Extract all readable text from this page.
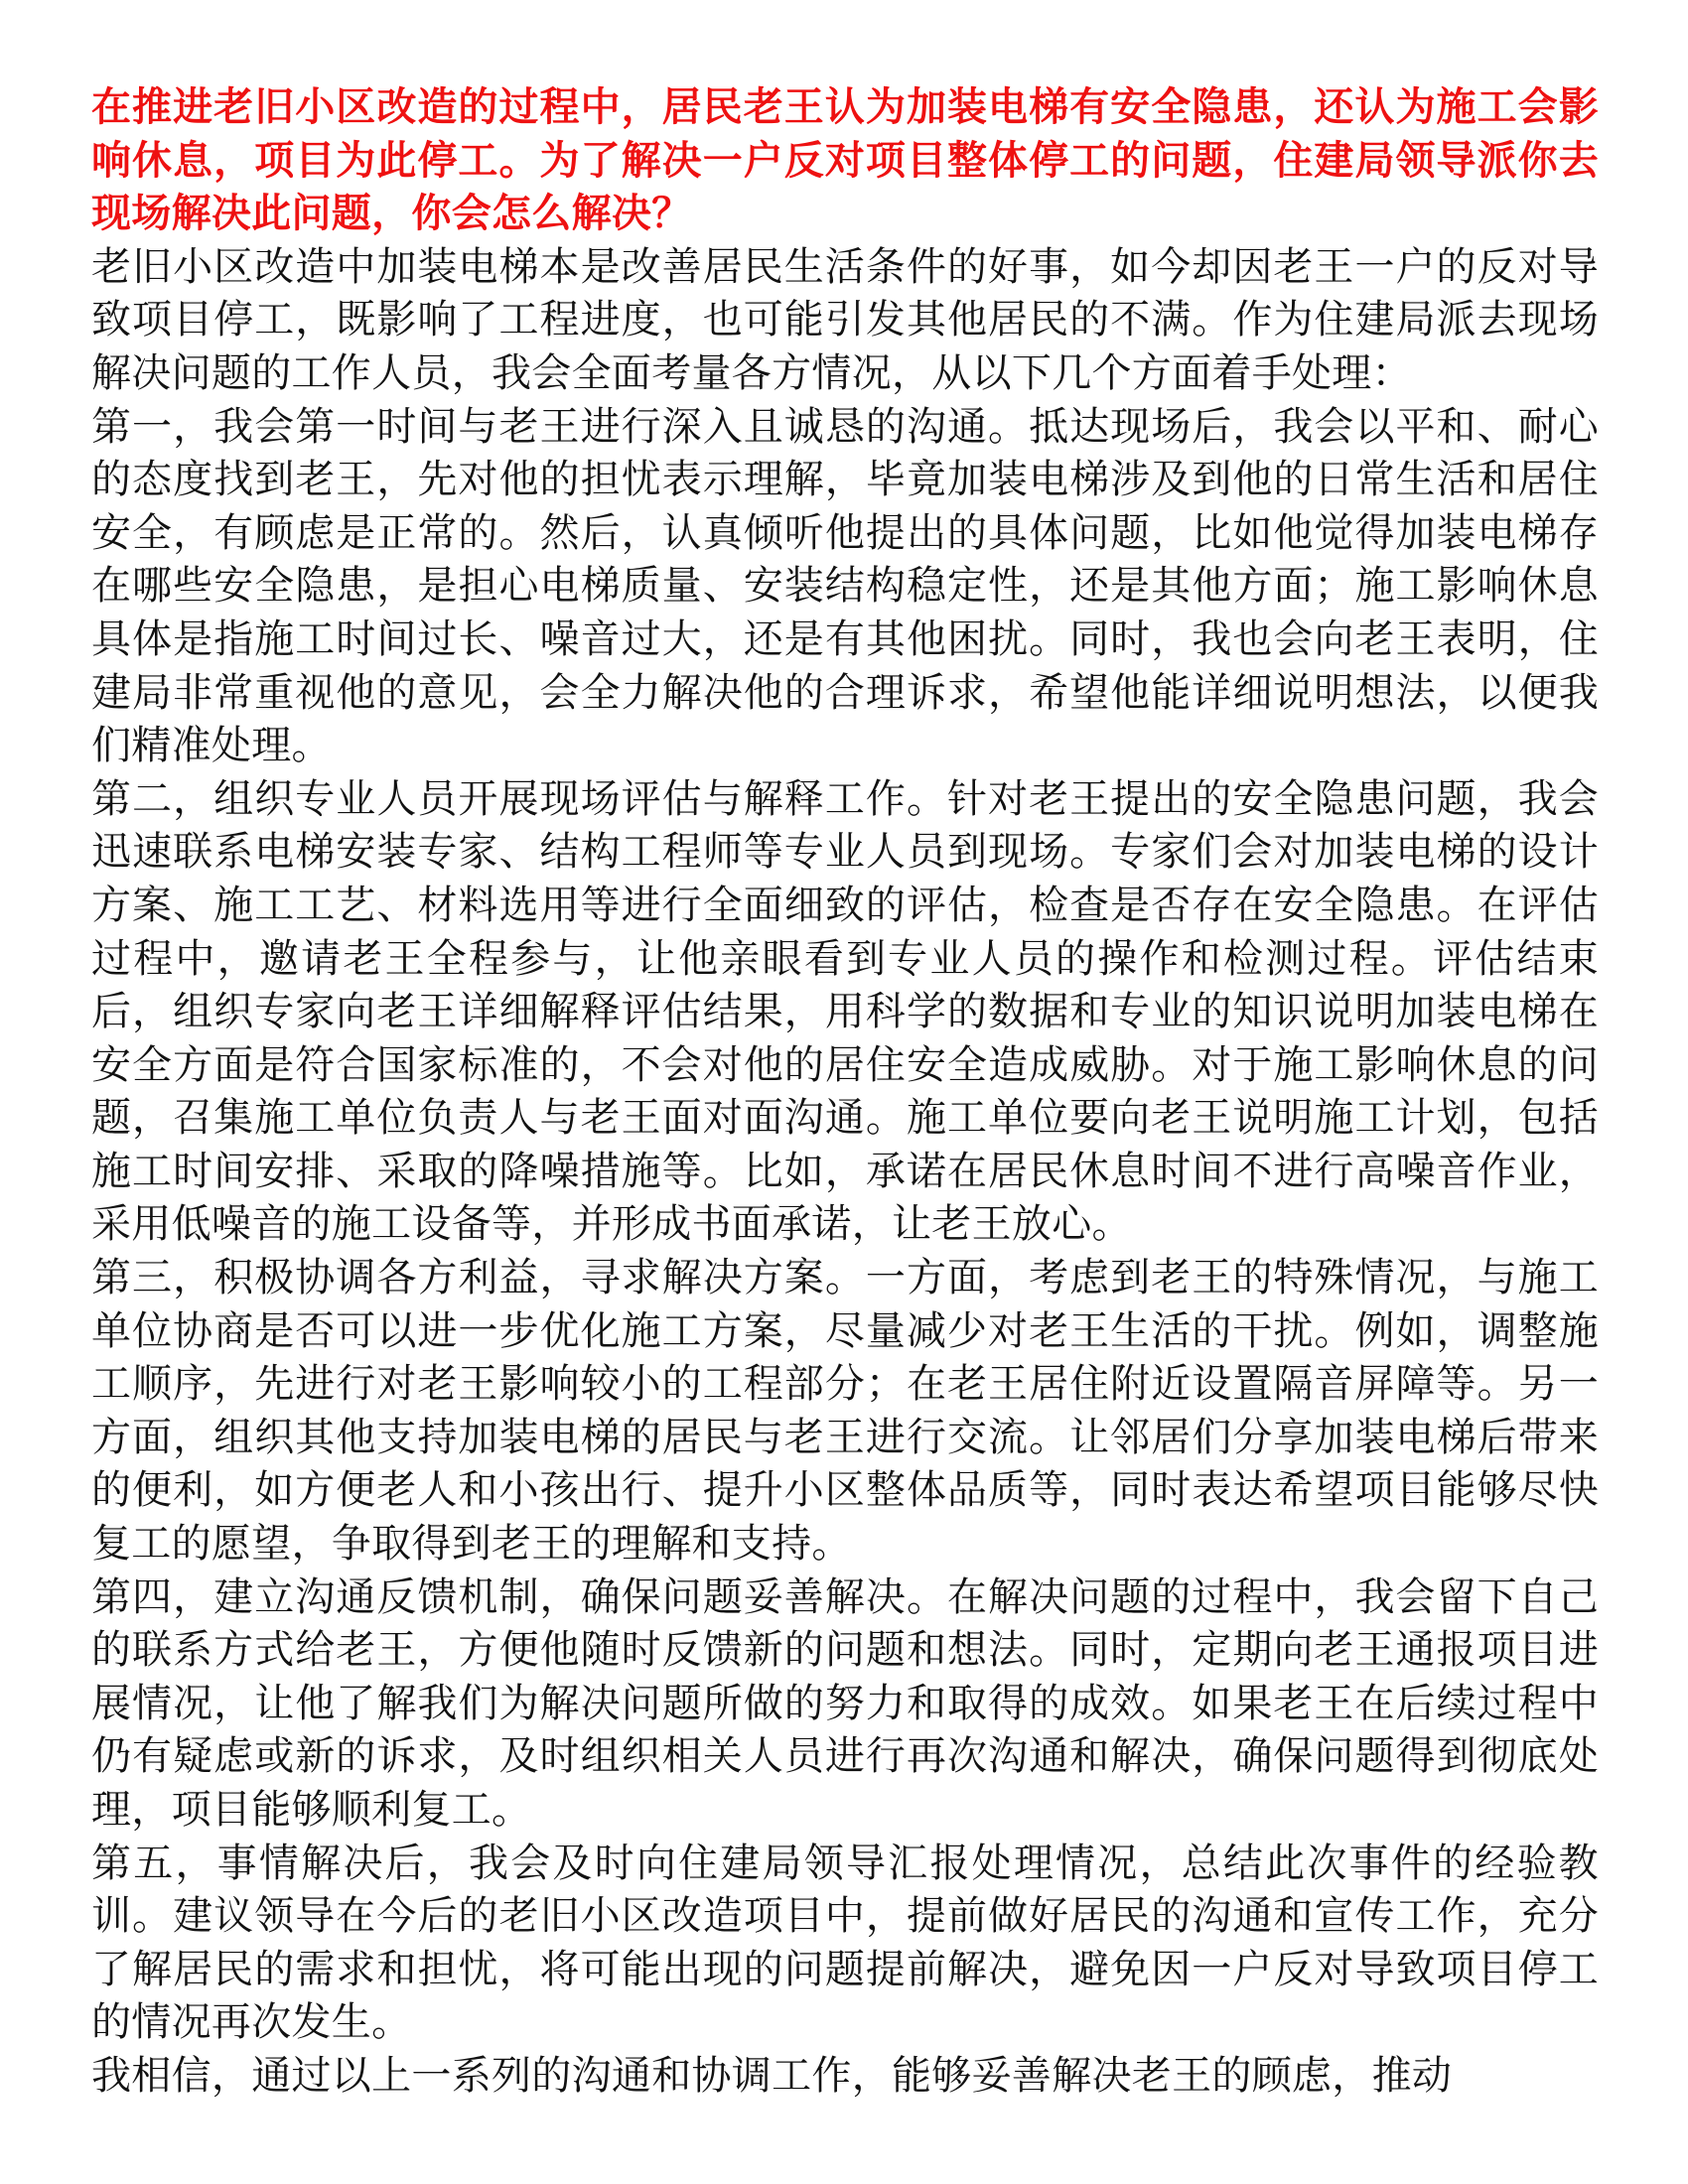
在推进老旧小区改造的过程中，居民老王认为加装电梯有安全隐患，还认为施工会影响休息，项目为此停工。为了解决一户反对项目整体停工的问题，住建局领导派你去现场解决此问题，你会怎么解决？
老旧小区改造中加装电梯本是改善居民生活条件的好事，如今却因老王一户的反对导致项目停工，既影响了工程进度，也可能引发其他居民的不满。作为住建局派去现场解决问题的工作人员，我会全面考量各方情况，从以下几个方面着手处理：
第一，我会第一时间与老王进行深入且诚恳的沟通。抵达现场后，我会以平和、耐心的态度找到老王，先对他的担忧表示理解，毕竟加装电梯涉及到他的日常生活和居住安全，有顾虑是正常的。然后，认真倾听他提出的具体问题，比如他觉得加装电梯存在哪些安全隐患，是担心电梯质量、安装结构稳定性，还是其他方面；施工影响休息具体是指施工时间过长、噪音过大，还是有其他困扰。同时，我也会向老王表明，住建局非常重视他的意见，会全力解决他的合理诉求，希望他能详细说明想法，以便我们精准处理。
第二，组织专业人员开展现场评估与解释工作。针对老王提出的安全隐患问题，我会迅速联系电梯安装专家、结构工程师等专业人员到现场。专家们会对加装电梯的设计方案、施工工艺、材料选用等进行全面细致的评估，检查是否存在安全隐患。在评估过程中，邀请老王全程参与，让他亲眼看到专业人员的操作和检测过程。评估结束后，组织专家向老王详细解释评估结果，用科学的数据和专业的知识说明加装电梯在安全方面是符合国家标准的，不会对他的居住安全造成威胁。对于施工影响休息的问题，召集施工单位负责人与老王面对面沟通。施工单位要向老王说明施工计划，包括施工时间安排、采取的降噪措施等。比如，承诺在居民休息时间不进行高噪音作业，采用低噪音的施工设备等，并形成书面承诺，让老王放心。
第三，积极协调各方利益，寻求解决方案。一方面，考虑到老王的特殊情况，与施工单位协商是否可以进一步优化施工方案，尽量减少对老王生活的干扰。例如，调整施工顺序，先进行对老王影响较小的工程部分；在老王居住附近设置隔音屏障等。另一方面，组织其他支持加装电梯的居民与老王进行交流。让邻居们分享加装电梯后带来的便利，如方便老人和小孩出行、提升小区整体品质等，同时表达希望项目能够尽快复工的愿望，争取得到老王的理解和支持。
第四，建立沟通反馈机制，确保问题妥善解决。在解决问题的过程中，我会留下自己的联系方式给老王，方便他随时反馈新的问题和想法。同时，定期向老王通报项目进展情况，让他了解我们为解决问题所做的努力和取得的成效。如果老王在后续过程中仍有疑虑或新的诉求，及时组织相关人员进行再次沟通和解决，确保问题得到彻底处理，项目能够顺利复工。
第五，事情解决后，我会及时向住建局领导汇报处理情况，总结此次事件的经验教训。建议领导在今后的老旧小区改造项目中，提前做好居民的沟通和宣传工作，充分了解居民的需求和担忧，将可能出现的问题提前解决，避免因一户反对导致项目停工的情况再次发生。
我相信，通过以上一系列的沟通和协调工作，能够妥善解决老王的顾虑，推动
